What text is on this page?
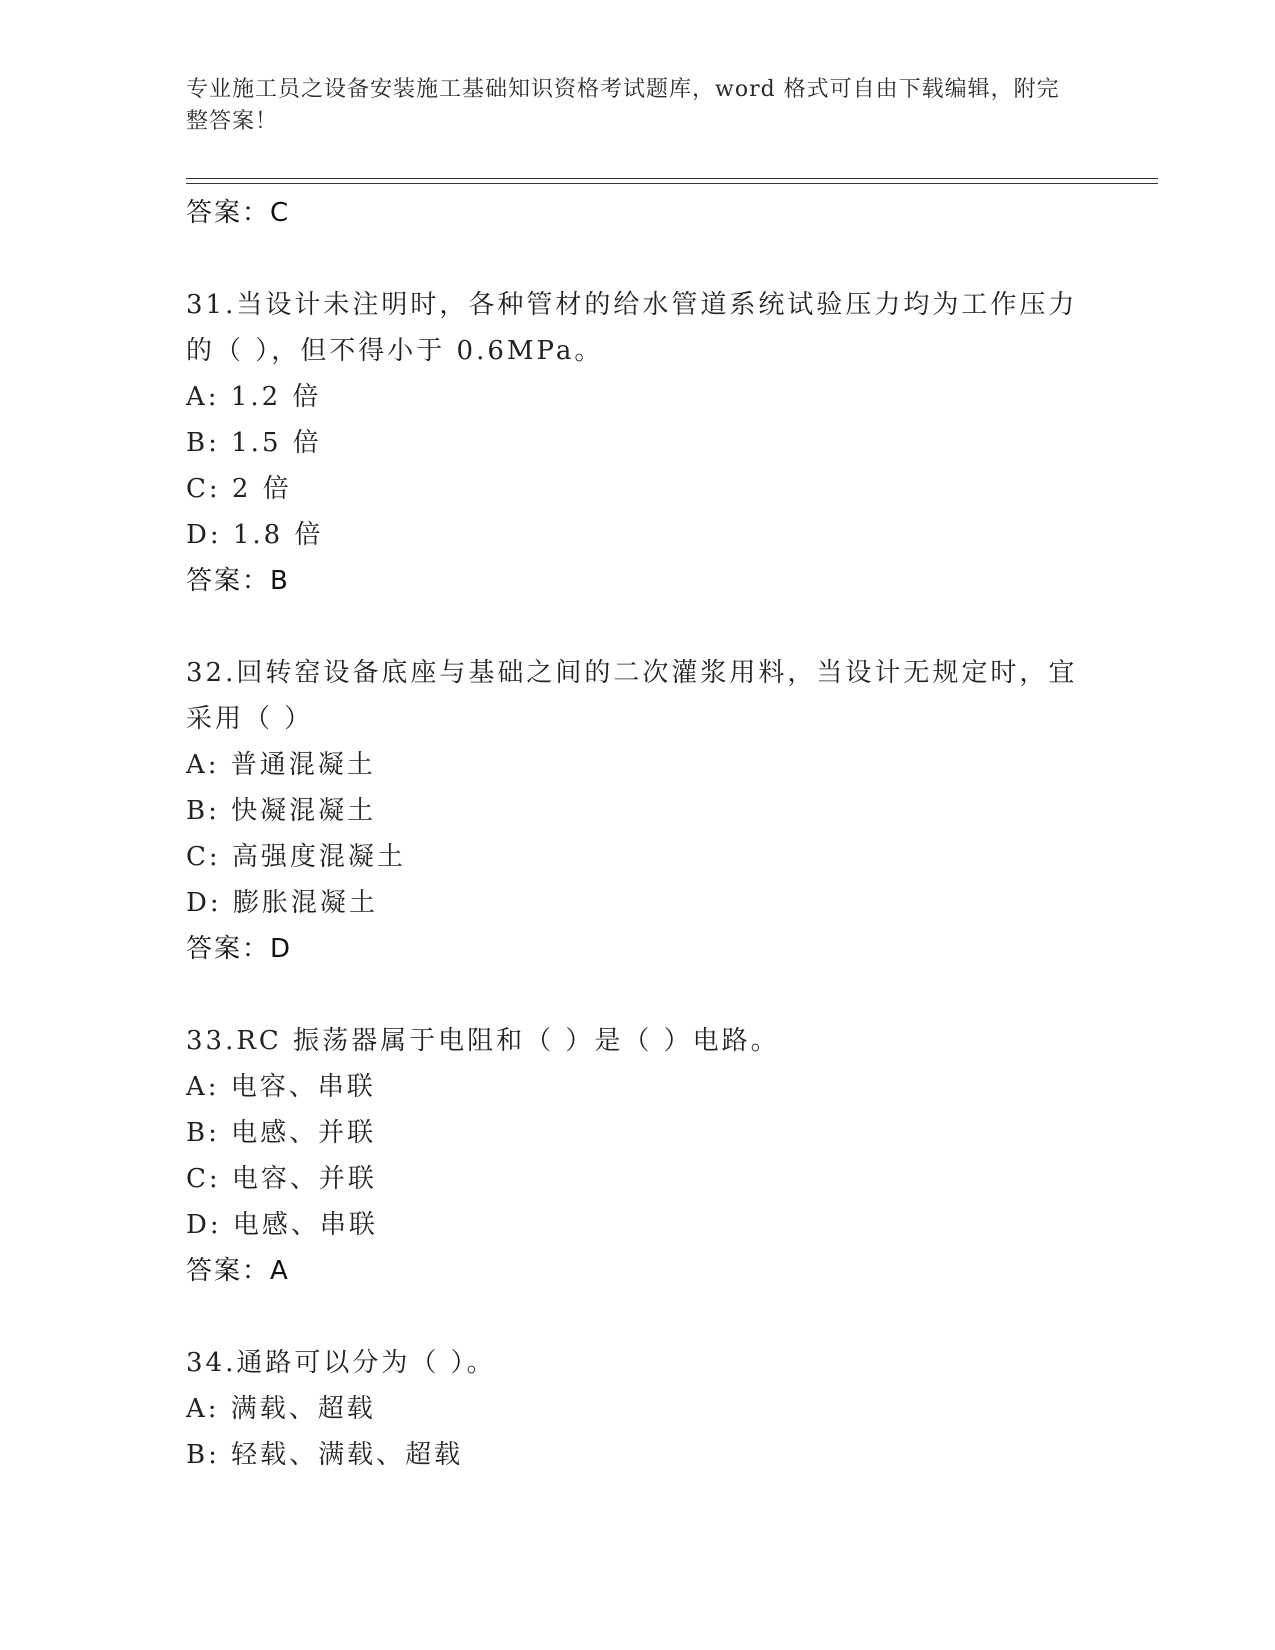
专业施工员之设备安装施工基础知识资格考试题库，word 格式可自由下载编辑，附完整答案！
答案：C
31.当设计未注明时，各种管材的给水管道系统试验压力均为工作压力
的（ ），但不得小于 0.6MPa。
A: 1.2 倍
B: 1.5 倍
C: 2 倍
D: 1.8 倍
答案：B
32.回转窑设备底座与基础之间的二次灌浆用料，当设计无规定时，宜
采用（ ）
A: 普通混凝土
B: 快凝混凝土
C: 高强度混凝土
D: 膨胀混凝土
答案：D
33.RC 振荡器属于电阻和（ ）是（ ）电路。
A: 电容、串联
B: 电感、并联
C: 电容、并联
D: 电感、串联
答案：A
34.通路可以分为（ ）。
A: 满载、超载
B: 轻载、满载、超载
